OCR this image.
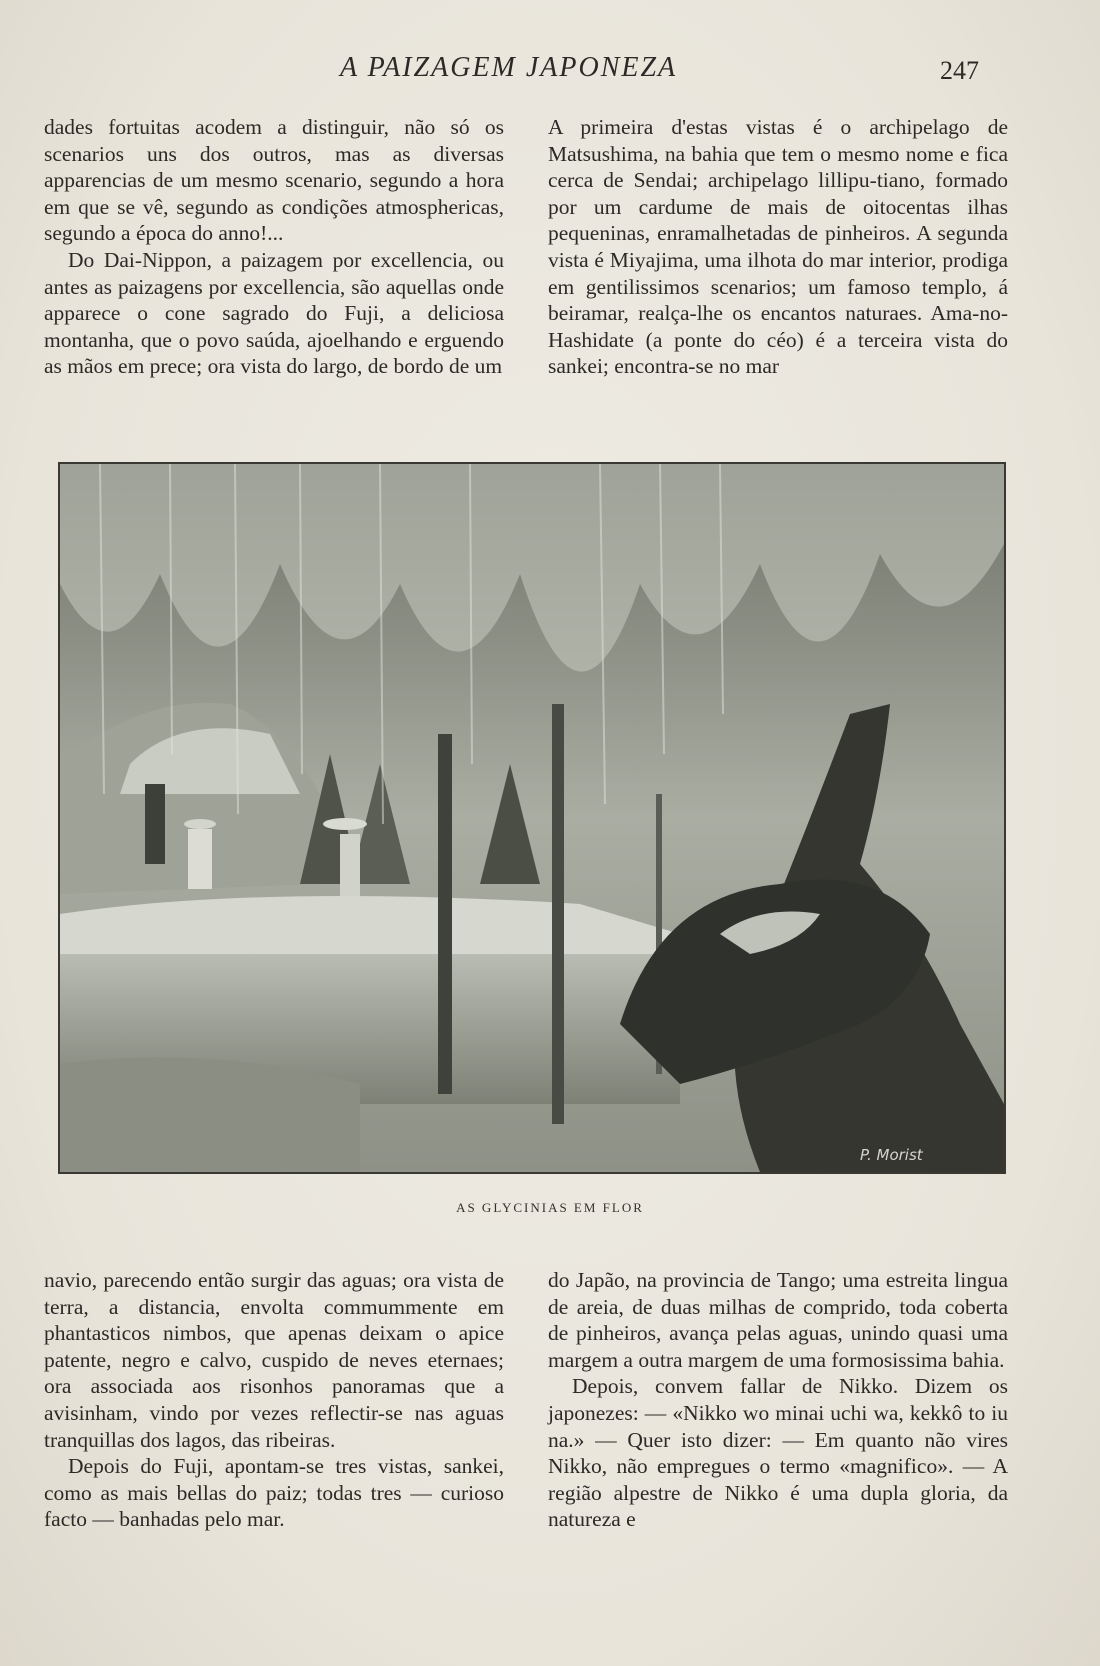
A PAIZAGEM JAPONEZA	247

dades fortuitas acodem a distinguir, não só os scenarios uns dos outros, mas as diversas apparencias de um mesmo scenario, segundo a hora em que se vê, segundo as condições atmosphericas, segundo a época do anno!...

Do Dai-Nippon, a paizagem por excellencia, ou antes as paizagens por excellencia, são aquellas onde apparece o cone sagrado do Fuji, a deliciosa montanha, que o povo saúda, ajoelhando e erguendo as mãos em prece; ora vista do largo, de bordo de um

A primeira d'estas vistas é o archipelago de Matsushima, na bahia que tem o mesmo nome e fica cerca de Sendai; archipelago lillipu-tiano, formado por um cardume de mais de oitocentas ilhas pequeninas, enramalhetadas de pinheiros. A segunda vista é Miyajima, uma ilhota do mar interior, prodiga em gentilissimos scenarios; um famoso templo, á beiramar, realça-lhe os encantos naturaes. Ama-no-Hashidate (a ponte do céo) é a terceira vista do sankei; encontra-se no mar

P. Morist
AS GLYCINIAS EM FLOR

navio, parecendo então surgir das aguas; ora vista de terra, a distancia, envolta commummente em phantasticos nimbos, que apenas deixam o apice patente, negro e calvo, cuspido de neves eternaes; ora associada aos risonhos panoramas que a avisinham, vindo por vezes reflectir-se nas aguas tranquillas dos lagos, das ribeiras.

Depois do Fuji, apontam-se tres vistas, sankei, como as mais bellas do paiz; todas tres — curioso facto — banhadas pelo mar.

do Japão, na provincia de Tango; uma estreita lingua de areia, de duas milhas de comprido, toda coberta de pinheiros, avança pelas aguas, unindo quasi uma margem a outra margem de uma formosissima bahia.

Depois, convem fallar de Nikko. Dizem os japonezes: — «Nikko wo minai uchi wa, kekkô to iu na.» — Quer isto dizer: — Em quanto não vires Nikko, não empregues o termo «magnifico». — A região alpestre de Nikko é uma dupla gloria, da natureza e
